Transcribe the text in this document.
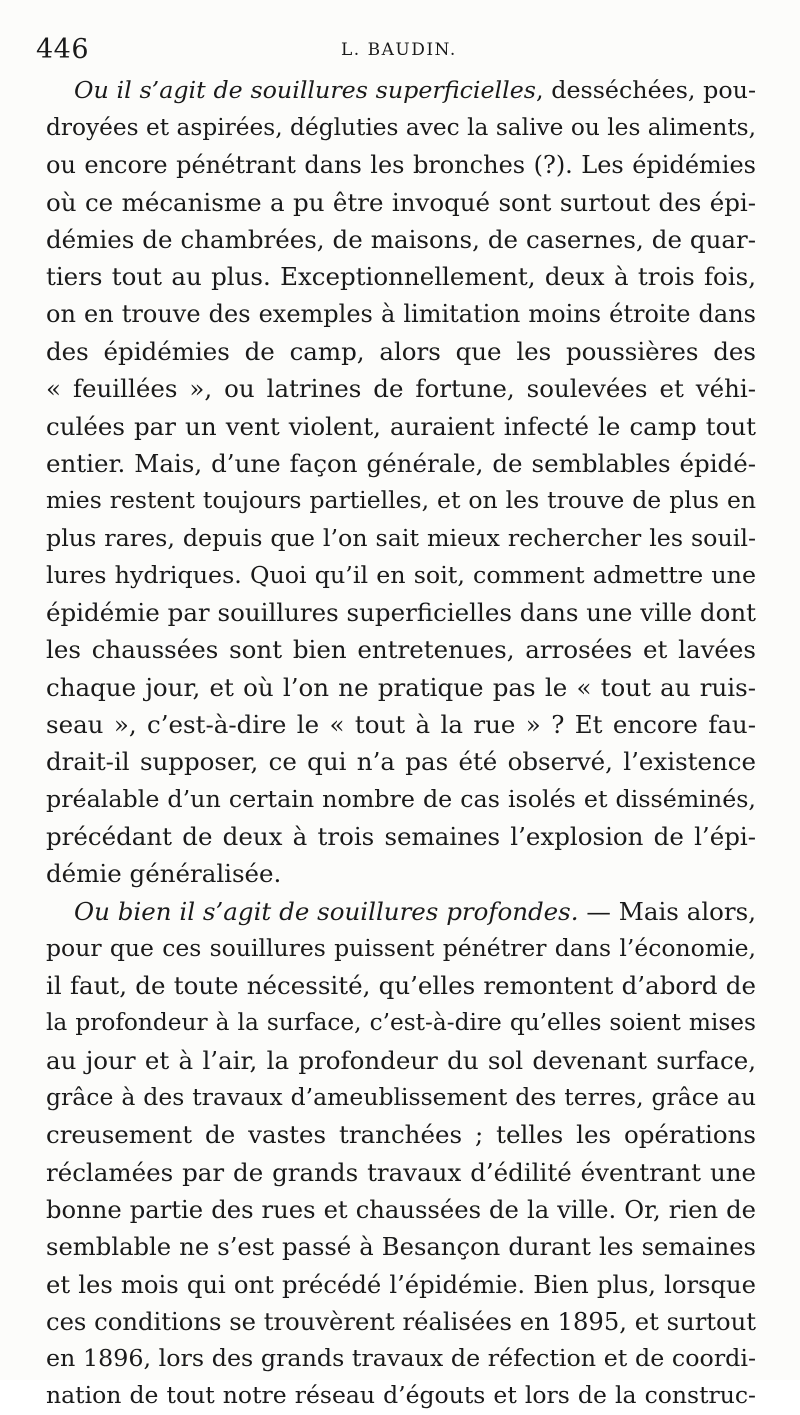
446	L. BAUDIN.
Ou il s’agit de souillures superficielles, desséchées, pou-
droyées et aspirées, dégluties avec la salive ou les aliments,
ou encore pénétrant dans les bronches (?). Les épidémies
où ce mécanisme a pu être invoqué sont surtout des épi-
démies de chambrées, de maisons, de casernes, de quar-
tiers tout au plus. Exceptionnellement, deux à trois fois,
on en trouve des exemples à limitation moins étroite dans
des épidémies de camp, alors que les poussières des
« feuillées », ou latrines de fortune, soulevées et véhi-
culées par un vent violent, auraient infecté le camp tout
entier. Mais, d’une façon générale, de semblables épidé-
mies restent toujours partielles, et on les trouve de plus en
plus rares, depuis que l’on sait mieux rechercher les souil-
lures hydriques. Quoi qu’il en soit, comment admettre une
épidémie par souillures superficielles dans une ville dont
les chaussées sont bien entretenues, arrosées et lavées
chaque jour, et où l’on ne pratique pas le « tout au ruis-
seau », c’est-à-dire le « tout à la rue » ? Et encore fau-
drait-il supposer, ce qui n’a pas été observé, l’existence
préalable d’un certain nombre de cas isolés et disséminés,
précédant de deux à trois semaines l’explosion de l’épi-
démie généralisée.
Ou bien il s’agit de souillures profondes. — Mais alors,
pour que ces souillures puissent pénétrer dans l’économie,
il faut, de toute nécessité, qu’elles remontent d’abord de
la profondeur à la surface, c’est-à-dire qu’elles soient mises
au jour et à l’air, la profondeur du sol devenant surface,
grâce à des travaux d’ameublissement des terres, grâce au
creusement de vastes tranchées ; telles les opérations
réclamées par de grands travaux d’édilité éventrant une
bonne partie des rues et chaussées de la ville. Or, rien de
semblable ne s’est passé à Besançon durant les semaines
et les mois qui ont précédé l’épidémie. Bien plus, lorsque
ces conditions se trouvèrent réalisées en 1895, et surtout
en 1896, lors des grands travaux de réfection et de coordi-
nation de tout notre réseau d’égouts et lors de la construc-
